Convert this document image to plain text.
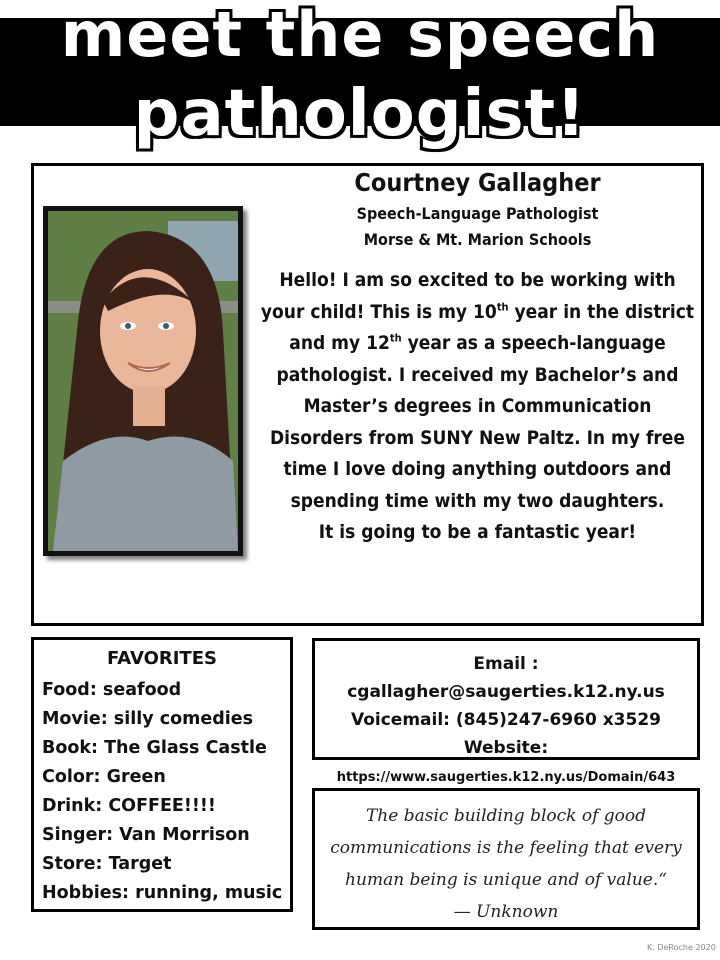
meet the speech
pathologist!
Courtney Gallagher
Speech-Language Pathologist
Morse & Mt. Marion Schools
Hello! I am so excited to be working with your child! This is my 10th year in the district and my 12th year as a speech-language pathologist. I received my Bachelor’s and Master’s degrees in Communication Disorders from SUNY New Paltz. In my free time I love doing anything outdoors and spending time with my two daughters.
It is going to be a fantastic year!
FAVORITES
Food: seafood
Movie: silly comedies
Book: The Glass Castle
Color: Green
Drink: COFFEE!!!!
Singer: Van Morrison
Store: Target
Hobbies: running, music
Email : cgallagher@saugerties.k12.ny.us
Voicemail: (845)247-6960 x3529
Website:
https://www.saugerties.k12.ny.us/Domain/643
The basic building block of good
communications is the feeling that every
human being is unique and of value.“
— Unknown
K. DeRoche 2020
